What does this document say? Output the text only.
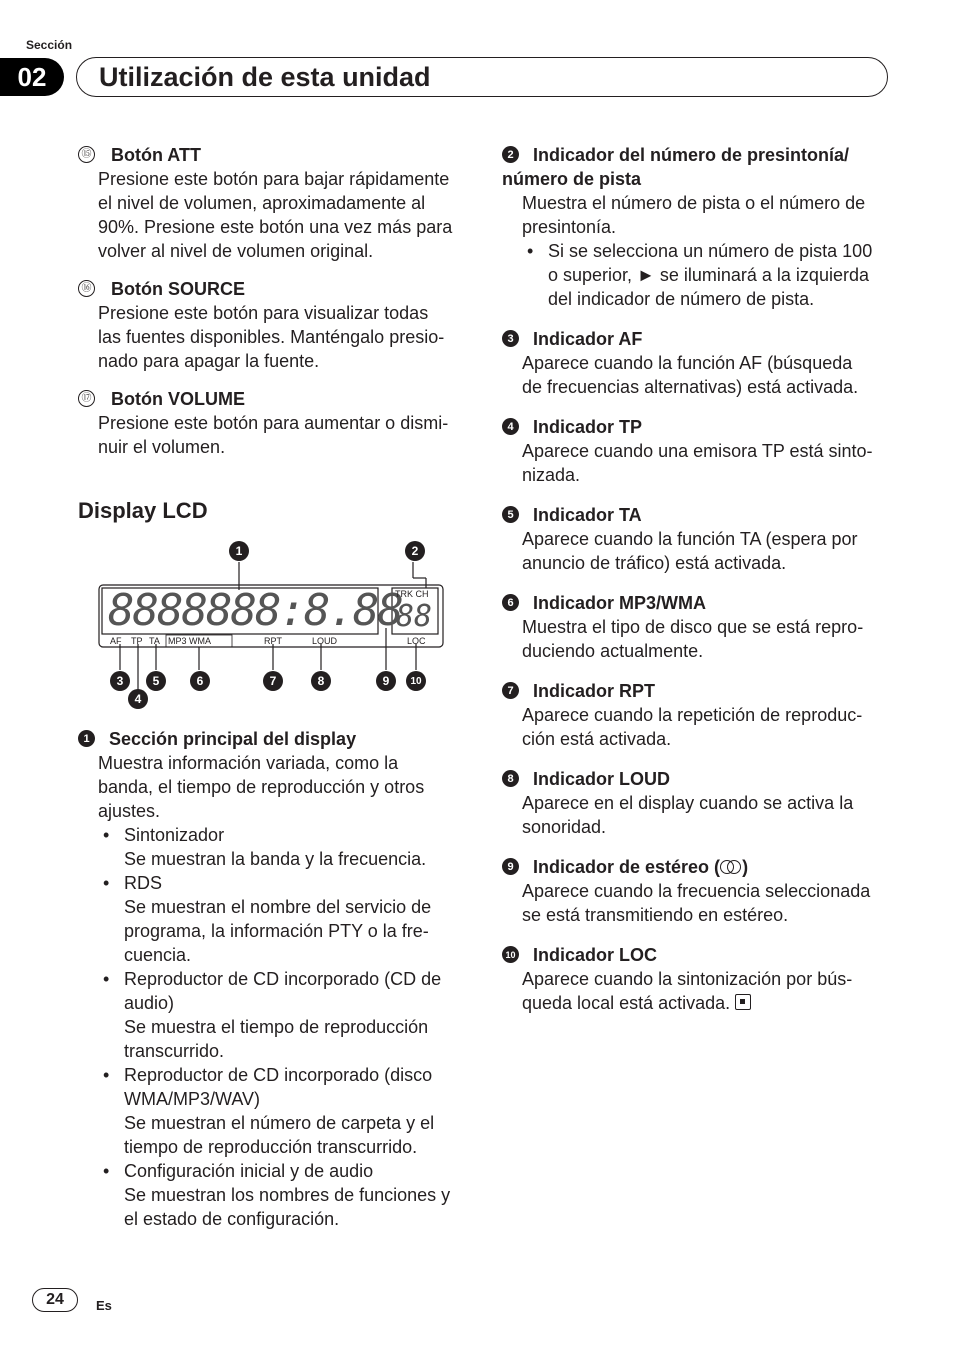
Sección
02	Utilización de esta unidad
⑮ Botón ATT
Presione este botón para bajar rápidamente
el nivel de volumen, aproximadamente al
90%. Presione este botón una vez más para
volver al nivel de volumen original.
⑯ Botón SOURCE
Presione este botón para visualizar todas
las fuentes disponibles. Manténgalo presio-
nado para apagar la fuente.
⑰ Botón VOLUME
Presione este botón para aumentar o dismi-
nuir el volumen.
Display LCD
8888888:8.88
88
TRK CH
AF TP TA MP3 WMA	RPT	LOUD	LOC
1	2
3
4
5	6	7	8	9	10
1	Sección principal del display
Muestra información variada, como la
banda, el tiempo de reproducción y otros
ajustes.
• Sintonizador
Se muestran la banda y la frecuencia.
• RDS
Se muestran el nombre del servicio de
programa, la información PTY o la fre-
cuencia.
• Reproductor de CD incorporado (CD de
audio)
Se muestra el tiempo de reproducción
transcurrido.
• Reproductor de CD incorporado (disco
WMA/MP3/WAV)
Se muestran el número de carpeta y el
tiempo de reproducción transcurrido.
• Configuración inicial y de audio
Se muestran los nombres de funciones y
el estado de configuración.
2	Indicador del número de presintonía/
número de pista
Muestra el número de pista o el número de
presintonía.
• Si se selecciona un número de pista 100
o superior, ► se iluminará a la izquierda
del indicador de número de pista.
3	Indicador AF
Aparece cuando la función AF (búsqueda
de frecuencias alternativas) está activada.
4	Indicador TP
Aparece cuando una emisora TP está sinto-
nizada.
5	Indicador TA
Aparece cuando la función TA (espera por
anuncio de tráfico) está activada.
6	Indicador MP3/WMA
Muestra el tipo de disco que se está repro-
duciendo actualmente.
7	Indicador RPT
Aparece cuando la repetición de reproduc-
ción está activada.
8	Indicador LOUD
Aparece en el display cuando se activa la
sonoridad.
9	Indicador de estéreo ( )
Aparece cuando la frecuencia seleccionada
se está transmitiendo en estéreo.
10 Indicador LOC
Aparece cuando la sintonización por bús-
queda local está activada.
24	Es
